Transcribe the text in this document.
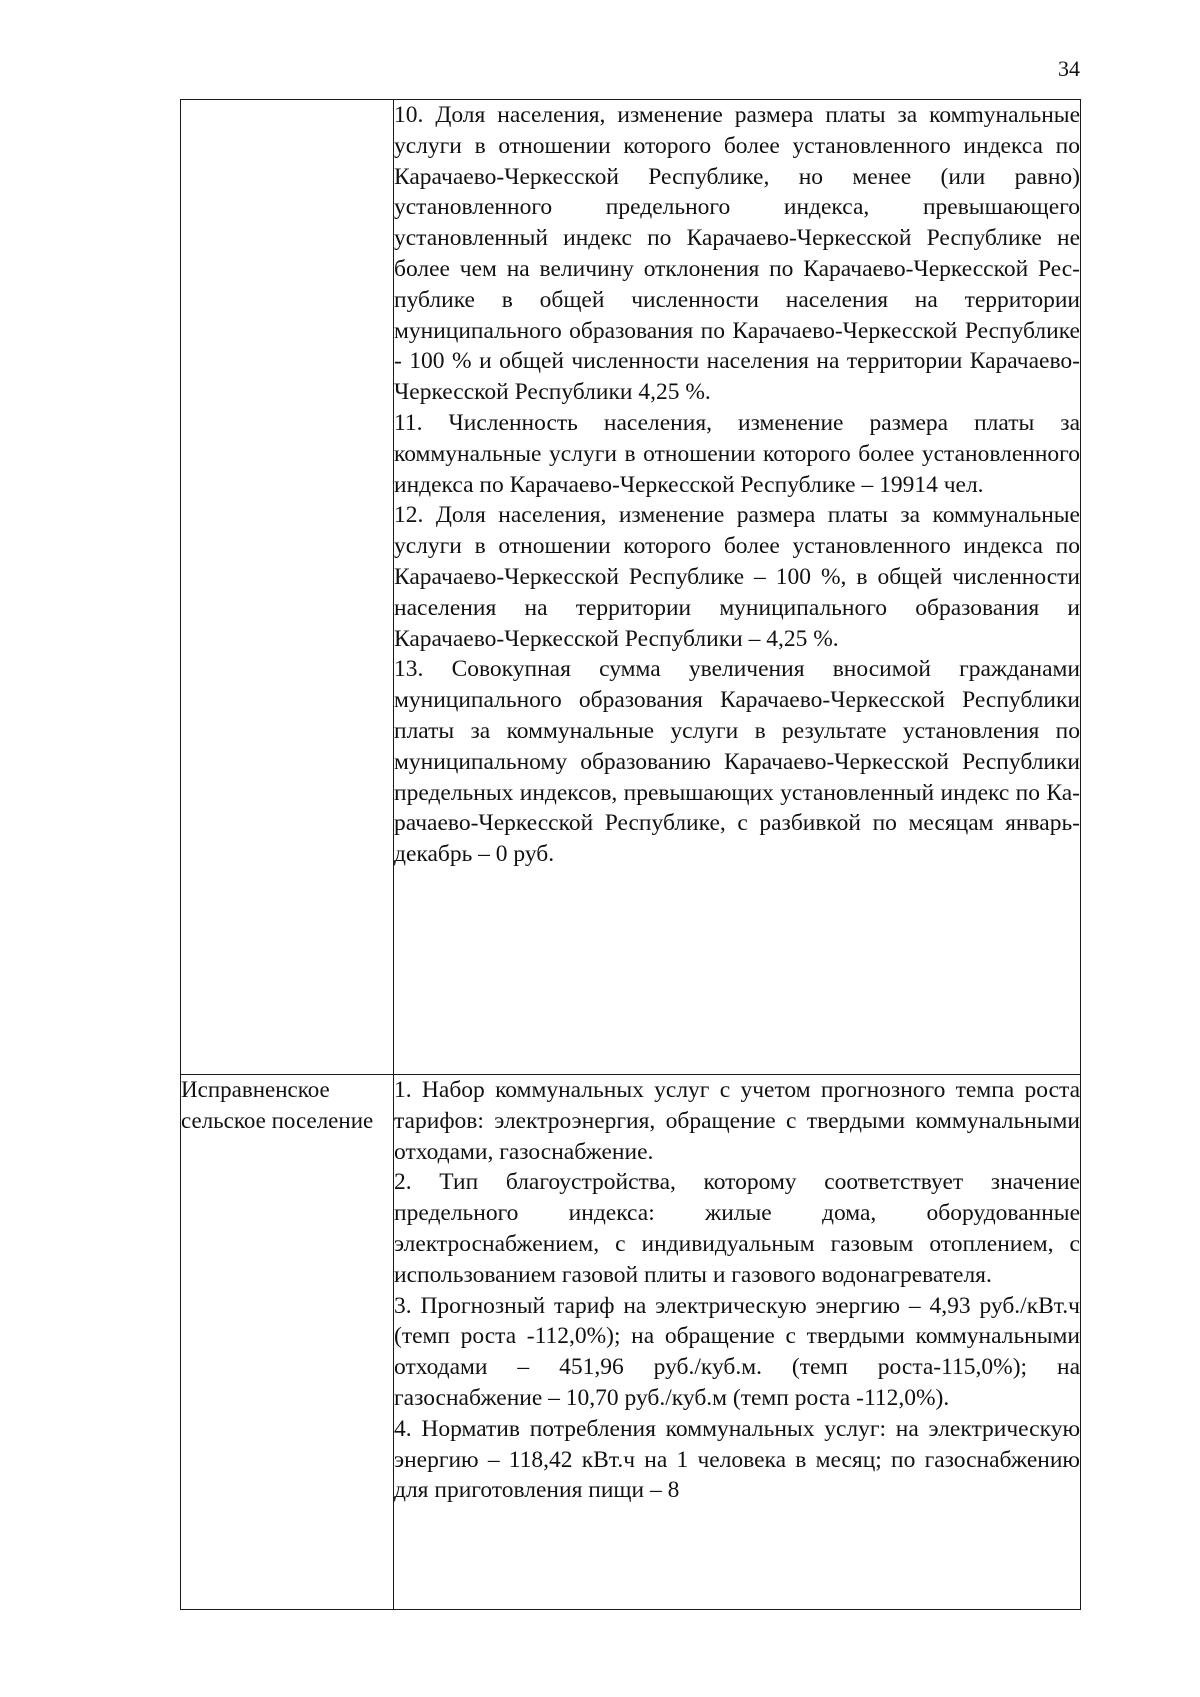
34

	10. Доля населения, изменение размера платы за комmунальные услуги в отношении которого более установленного индекса по Карачаево-Черкесской Республике, но менее (или равно) установленного предельного индекса, превышающего установленный индекс по Карачаево-Черкесской Республике не более чем на величину отклонения по Карачаево-Черкесской Республике в общей численности населения на территории муниципального образования по Карачаево-Черкесской Республике - 100 % и общей численности населения на территории Карачаево-Черкесской Республики 4,25 %.

11. Численность населения, изменение размера платы за коммунальные услуги в отношении которого более установленного индекса по Карачаево-Черкесской Республике – 19914 чел.

12. Доля населения, изменение размера платы за коммунальные услуги в отношении которого более установленного индекса по Карачаево-Черкесской Республике – 100 %, в общей численности населения на территории муниципального образования и Карачаево-Черкесской Республики – 4,25 %.

13. Совокупная сумма увеличения вносимой гражданами муниципального образования Карачаево-Черкесской Республики платы за коммунальные услуги в результате установления по муниципальному образованию Карачаево-Черкесской Республики предельных индексов, превышающих установленный индекс по Карачаево-Черкесской Республике, с разбивкой по месяцам январь-декабрь – 0 руб.

Исправненское сельское поселение	1. Набор коммунальных услуг с учетом прогнозного темпа роста тарифов: электроэнергия, обращение с твердыми коммунальными отходами, газоснабжение.

2. Тип благоустройства, которому соответствует значение предельного индекса: жилые дома, оборудованные электроснабжением, с индивидуальным газовым отоплением, с использованием газовой плиты и газового водонагревателя.

3. Прогнозный тариф на электрическую энергию – 4,93 руб./кВт.ч (темп роста -112,0%); на обращение с твердыми коммунальными отходами – 451,96 руб./куб.м. (темп роста-115,0%); на газоснабжение – 10,70 руб./куб.м (темп роста -112,0%).

4. Норматив потребления коммунальных услуг: на электрическую энергию – 118,42 кВт.ч на 1 человека в месяц; по газоснабжению для приготовления пищи – 8
